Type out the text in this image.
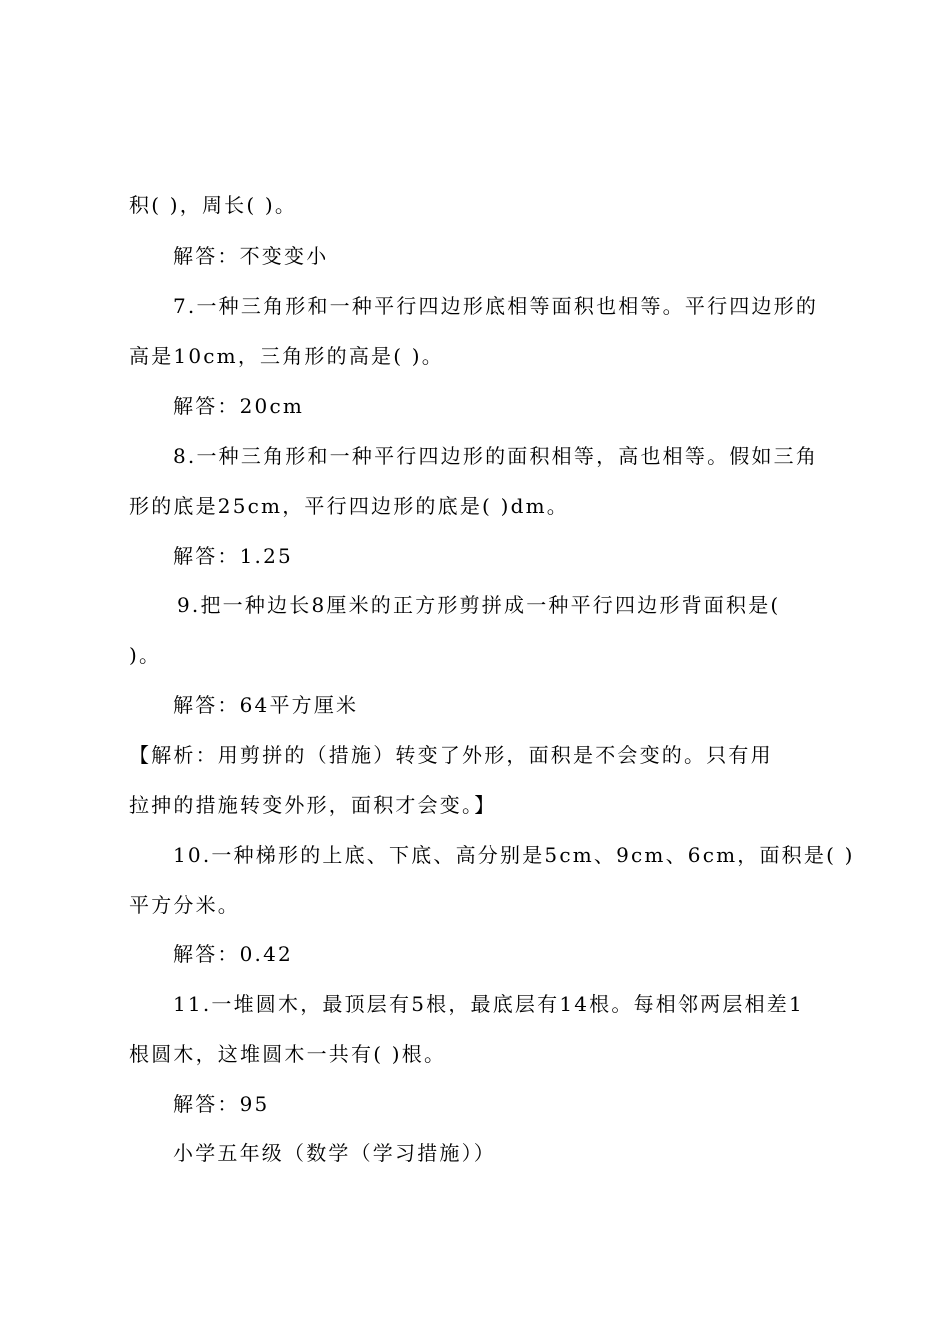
积( )，周长( )。
解答：不变变小
7.一种三角形和一种平行四边形底相等面积也相等。平行四边形的
高是10cm，三角形的高是( )。
解答：20cm
8.一种三角形和一种平行四边形的面积相等，高也相等。假如三角
形的底是25cm，平行四边形的底是( )dm。
解答：1.25
9.把一种边长8厘米的正方形剪拼成一种平行四边形背面积是(
)。
解答：64平方厘米
【解析：用剪拼的（措施）转变了外形，面积是不会变的。只有用
拉抻的措施转变外形，面积才会变。】
10.一种梯形的上底、下底、高分别是5cm、9cm、6cm，面积是( )
平方分米。
解答：0.42
11.一堆圆木，最顶层有5根，最底层有14根。每相邻两层相差1
根圆木，这堆圆木一共有( )根。
解答：95
小学五年级（数学（学习措施））
